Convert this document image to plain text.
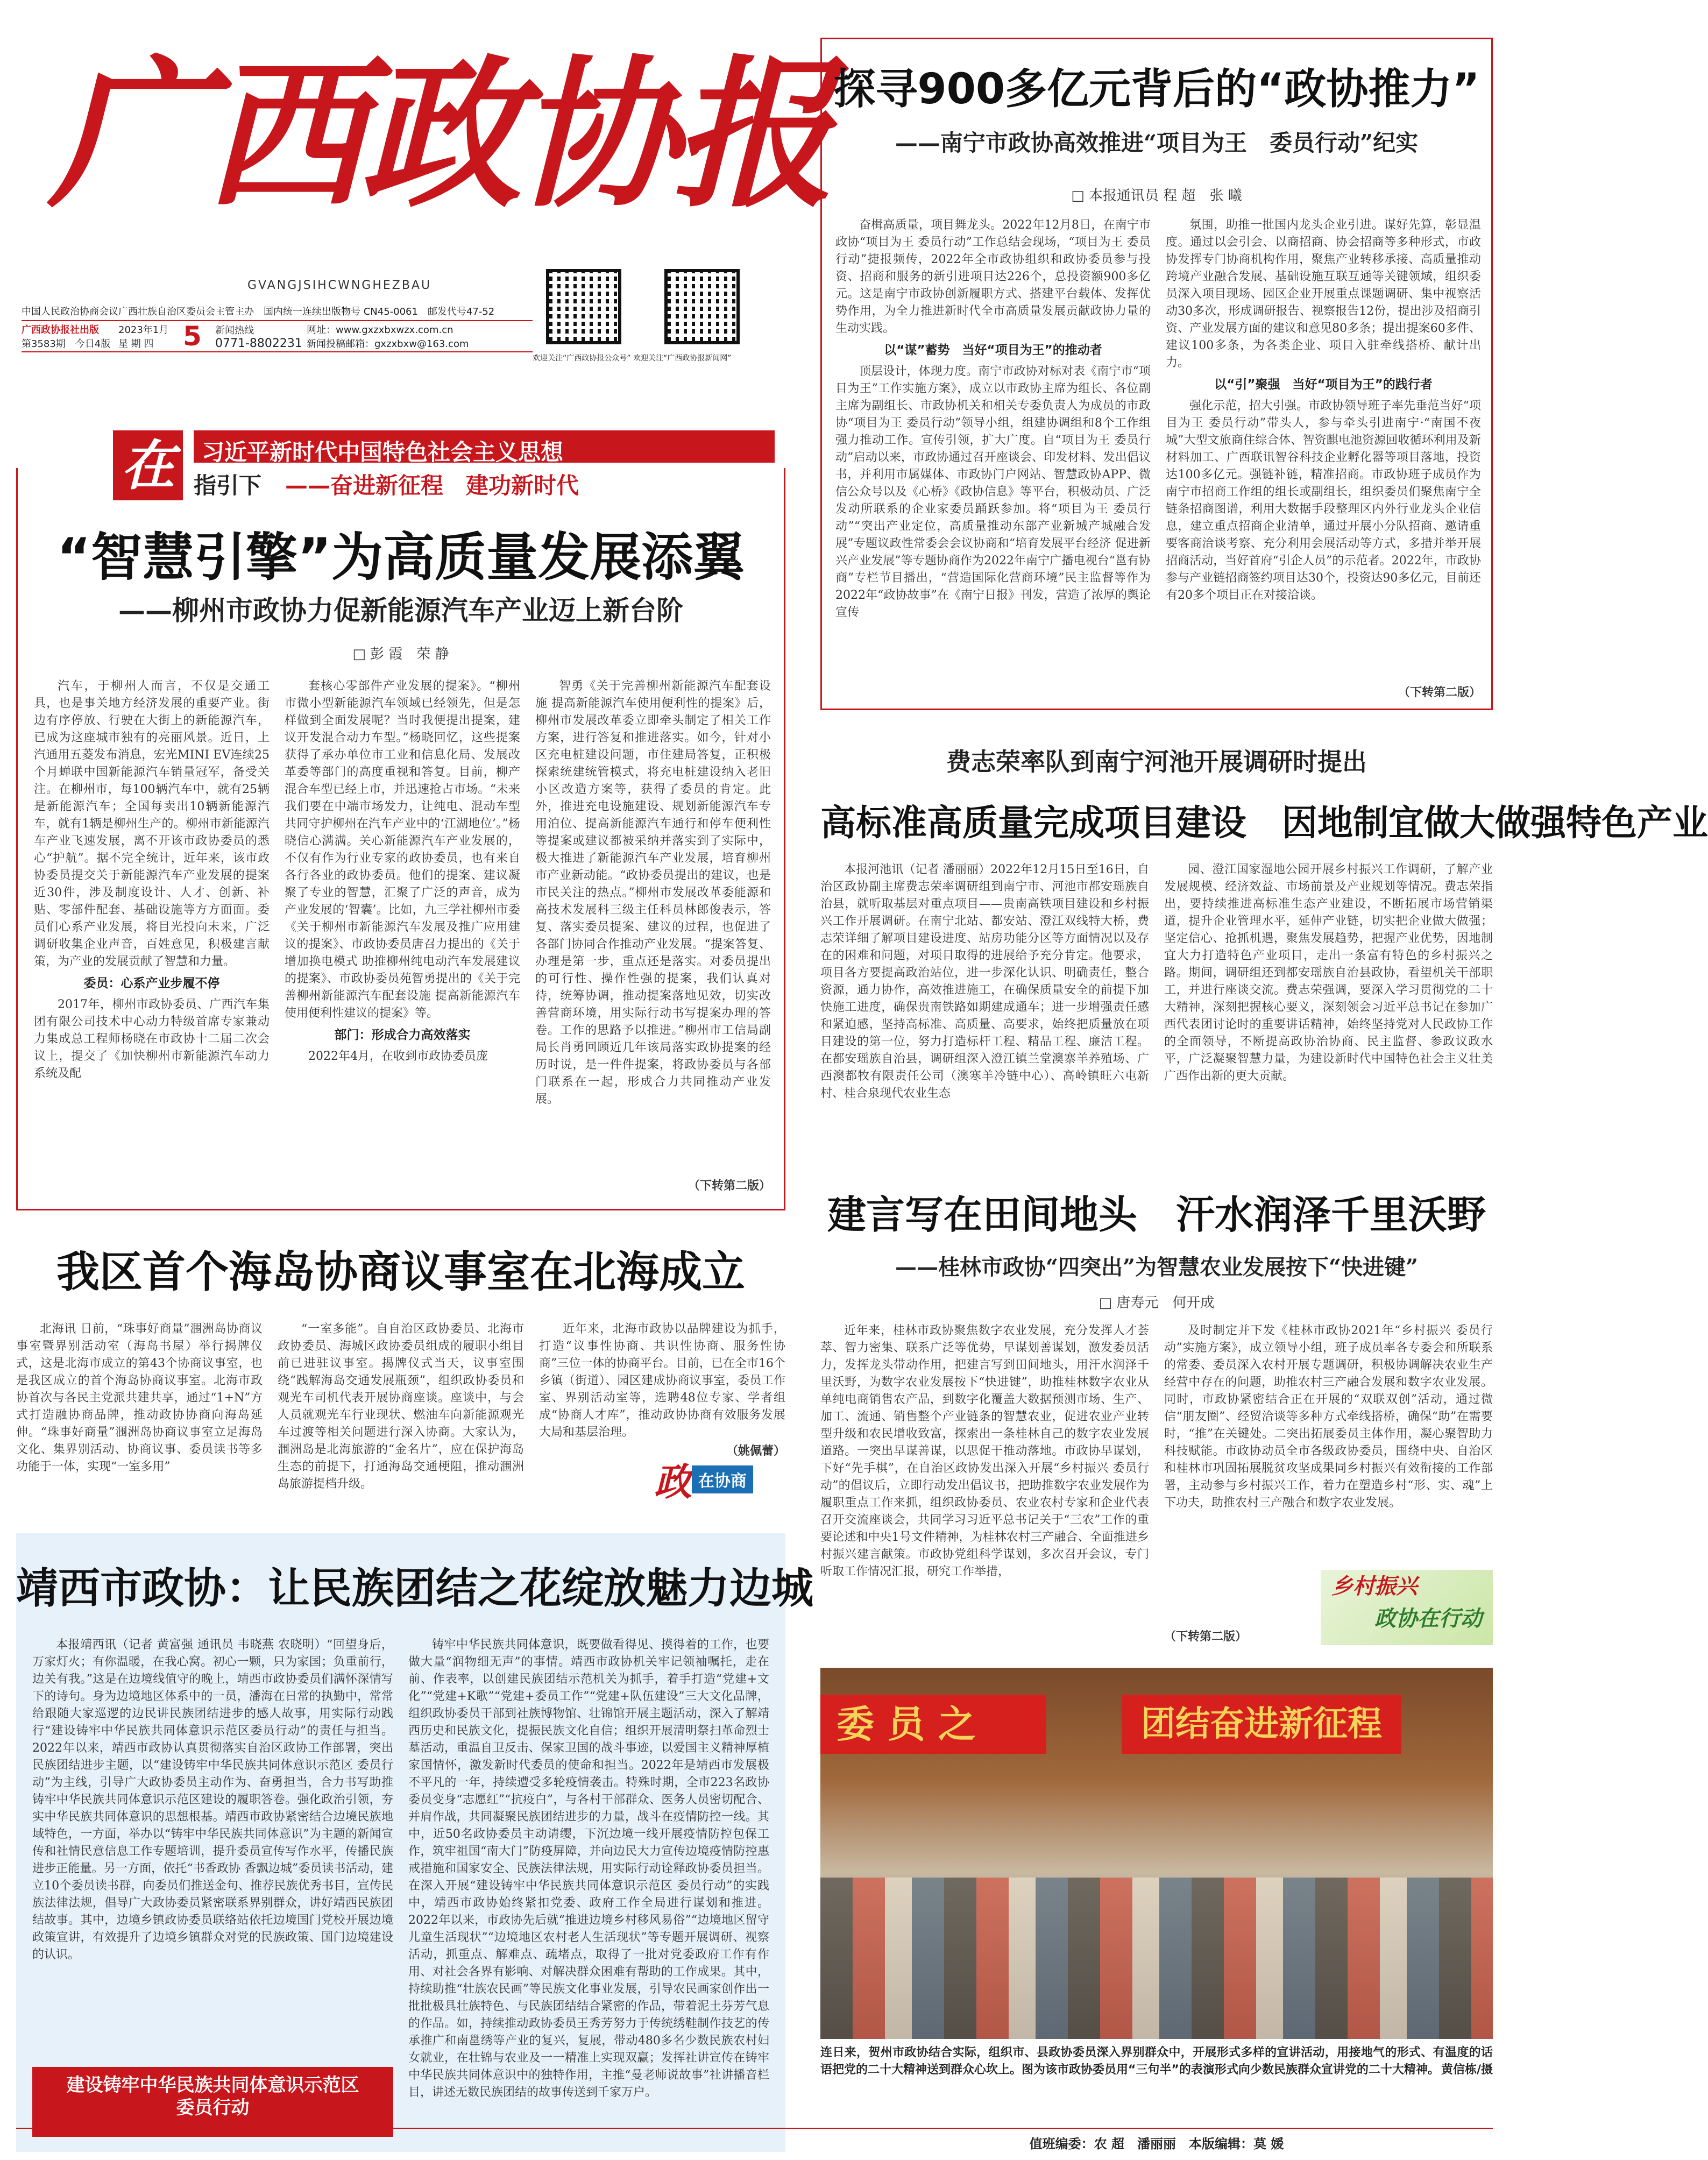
广西政协报
GVANGJSIHCWNGHEZBAU
中国人民政治协商会议广西壮族自治区委员会主管主办　国内统一连续出版物号 CN45-0061　邮发代号47-52
广西政协报社出版
第3583期　今日4版
2023年1月
星 期 四	5	新闻热线
0771-8802231
网址：www.gxzxbxwzx.com.cn
新闻投稿邮箱：gxzxbxw@163.com
欢迎关注“广西政协报公众号” 欢迎关注“广西政协报新闻网”
在	习近平新时代中国特色社会主义思想
指引下 ——奋进新征程　建功新时代
“智慧引擎”为高质量发展添翼
——柳州市政协力促新能源汽车产业迈上新台阶
□ 彭 霞　荣 静

汽车，于柳州人而言，不仅是交通工具，也是事关地方经济发展的重要产业。街边有序停放、行驶在大街上的新能源汽车，已成为这座城市独有的亮丽风景。近日，上汽通用五菱发布消息，宏光MINI EV连续25个月蝉联中国新能源汽车销量冠军，备受关注。在柳州市，每100辆汽车中，就有25辆是新能源汽车；全国每卖出10辆新能源汽车，就有1辆是柳州生产的。柳州市新能源汽车产业飞速发展，离不开该市政协委员的悉心“护航”。据不完全统计，近年来，该市政协委员提交关于新能源汽车产业发展的提案近30件，涉及制度设计、人才、创新、补贴、零部件配套、基础设施等方方面面。委员们心系产业发展，将目光投向未来，广泛调研收集企业声音，百姓意见，积极建言献策，为产业的发展贡献了智慧和力量。

委员：心系产业步履不停

2017年，柳州市政协委员、广西汽车集团有限公司技术中心动力特级首席专家兼动力集成总工程师杨晓在市政协十二届二次会议上，提交了《加快柳州市新能源汽车动力系统及配

套核心零部件产业发展的提案》。“柳州市微小型新能源汽车领域已经领先，但是怎样做到全面发展呢？当时我便提出提案，建议开发混合动力车型。”杨晓回忆，这些提案获得了承办单位市工业和信息化局、发展改革委等部门的高度重视和答复。目前，柳产混合车型已经上市，并迅速抢占市场。“未来我们要在中端市场发力，让纯电、混动车型共同守护柳州在汽车产业中的‘江湖地位’。”杨晓信心满满。关心新能源汽车产业发展的，不仅有作为行业专家的政协委员，也有来自各行各业的政协委员。他们的提案、建议凝聚了专业的智慧，汇聚了广泛的声音，成为产业发展的‘智囊’。比如，九三学社柳州市委《关于柳州市新能源汽车发展及推广应用建议的提案》、市政协委员唐召力提出的《关于增加换电模式 助推柳州纯电动汽车发展建议的提案》、市政协委员苑智勇提出的《关于完善柳州新能源汽车配套设施 提高新能源汽车使用便利性建议的提案》等。

部门：形成合力高效落实

2022年4月，在收到市政协委员庞

智勇《关于完善柳州新能源汽车配套设施 提高新能源汽车使用便利性的提案》后，柳州市发展改革委立即牵头制定了相关工作方案，进行答复和推进落实。如今，针对小区充电桩建设问题，市住建局答复，正积极探索统建统管模式，将充电桩建设纳入老旧小区改造方案等，获得了委员的肯定。此外，推进充电设施建设、规划新能源汽车专用泊位、提高新能源汽车通行和停车便利性等提案或建议都被采纳并落实到了实际中，极大推进了新能源汽车产业发展，培育柳州市产业新动能。“政协委员提出的建议，也是市民关注的热点。”柳州市发展改革委能源和高技术发展科三级主任科员林郎俊表示，答复、落实委员提案、建议的过程，也促进了各部门协同合作推动产业发展。“提案答复、办理是第一步，重点还是落实。对委员提出的可行性、操作性强的提案，我们认真对待，统筹协调，推动提案落地见效，切实改善营商环境，用实际行动书写提案办理的答卷。工作的思路予以推进。”柳州市工信局副局长肖勇回顾近几年该局落实政协提案的经历时说，是一件件提案，将政协委员与各部门联系在一起，形成合力共同推动产业发展。

（下转第二版）
探寻900多亿元背后的“政协推力”
——南宁市政协高效推进“项目为王　委员行动”纪实
□ 本报通讯员 程 超　张 曦

奋楫高质量，项目舞龙头。2022年12月8日，在南宁市政协“项目为王 委员行动”工作总结会现场，“项目为王 委员行动”捷报频传，2022年全市政协组织和政协委员参与投资、招商和服务的新引进项目达226个，总投资额900多亿元。这是南宁市政协创新履职方式、搭建平台载体、发挥优势作用，为全力推进新时代全市高质量发展贡献政协力量的生动实践。

以“谋”蓄势　当好“项目为王”的推动者

顶层设计，体现力度。南宁市政协对标对表《南宁市“项目为王”工作实施方案》，成立以市政协主席为组长、各位副主席为副组长、市政协机关和相关专委负责人为成员的市政协“项目为王 委员行动”领导小组，组建协调组和8个工作组强力推动工作。宣传引领，扩大广度。自“项目为王 委员行动”启动以来，市政协通过召开座谈会、印发材料、发出倡议书，并利用市属媒体、市政协门户网站、智慧政协APP、微信公众号以及《心桥》《政协信息》等平台，积极动员、广泛发动所联系的企业家委员踊跃参加。将“项目为王 委员行动”“突出产业定位，高质量推动东部产业新城产城融合发展”专题议政性常委会会议协商和“培育发展平台经济 促进新兴产业发展”等专题协商作为2022年南宁广播电视台“邕有协商”专栏节目播出，“营造国际化营商环境”民主监督等作为2022年“政协故事”在《南宁日报》刊发，营造了浓厚的舆论宣传

氛围，助推一批国内龙头企业引进。谋好先算，彰显温度。通过以会引会、以商招商、协会招商等多种形式，市政协发挥专门协商机构作用，聚焦产业转移承接、高质量推动跨境产业融合发展、基础设施互联互通等关键领域，组织委员深入项目现场、园区企业开展重点课题调研、集中视察活动30多次，形成调研报告、视察报告12份，提出涉及招商引资、产业发展方面的建议和意见80多条；提出提案60多件、建议100多条，为各类企业、项目入驻牵线搭桥、献计出力。

以“引”聚强　当好“项目为王”的践行者

强化示范，招大引强。市政协领导班子率先垂范当好“项目为王 委员行动”带头人，参与牵头引进南宁·“南国不夜城”大型文旅商住综合体、智资麒电池资源回收循环利用及新材料加工、广西联讯智谷科技企业孵化器等项目落地，投资达100多亿元。强链补链，精准招商。市政协班子成员作为南宁市招商工作组的组长或副组长，组织委员们聚焦南宁全链条招商图谱，利用大数据手段整理区内外行业龙头企业信息，建立重点招商企业清单，通过开展小分队招商、邀请重要客商洽谈考察、充分利用会展活动等方式，多措并举开展招商活动，当好首府“引企人员”的示范者。2022年，市政协参与产业链招商签约项目达30个，投资达90多亿元，目前还有20多个项目正在对接洽谈。

（下转第二版）
费志荣率队到南宁河池开展调研时提出
高标准高质量完成项目建设　因地制宜做大做强特色产业

本报河池讯（记者 潘丽丽）2022年12月15日至16日，自治区政协副主席费志荣率调研组到南宁市、河池市都安瑶族自治县，就听取基层对重点项目——贵南高铁项目建设和乡村振兴工作开展调研。在南宁北站、都安站、澄江双线特大桥，费志荣详细了解项目建设进度、站房功能分区等方面情况以及存在的困难和问题，对项目取得的进展给予充分肯定。他要求，项目各方要提高政治站位，进一步深化认识、明确责任，整合资源，通力协作，高效推进施工，在确保质量安全的前提下加快施工进度，确保贵南铁路如期建成通车；进一步增强责任感和紧迫感，坚持高标准、高质量、高要求，始终把质量放在项目建设的第一位，努力打造标杆工程、精品工程、廉洁工程。在都安瑶族自治县，调研组深入澄江镇兰堂澳寨羊养殖场、广西澳都牧有限责任公司（澳寒羊冷链中心）、高岭镇旺六屯新村、桂合泉现代农业生态

园、澄江国家湿地公园开展乡村振兴工作调研，了解产业发展规模、经济效益、市场前景及产业规划等情况。费志荣指出，要持续推进高标准生态产业建设，不断拓展市场营销渠道，提升企业管理水平，延伸产业链，切实把企业做大做强；坚定信心、抢抓机遇，聚焦发展趋势，把握产业优势，因地制宜大力打造特色产业项目，走出一条富有特色的乡村振兴之路。期间，调研组还到都安瑶族自治县政协，看望机关干部职工，并进行座谈交流。费志荣强调，要深入学习贯彻党的二十大精神，深刻把握核心要义，深刻领会习近平总书记在参加广西代表团讨论时的重要讲话精神，始终坚持党对人民政协工作的全面领导，不断提高政协治协商、民主监督、参政议政水平，广泛凝聚智慧力量，为建设新时代中国特色社会主义壮美广西作出新的更大贡献。

我区首个海岛协商议事室在北海成立

北海讯 日前，“珠事好商量”涠洲岛协商议事室暨界别活动室（海岛书屋）举行揭牌仪式，这是北海市成立的第43个协商议事室，也是我区成立的首个海岛协商议事室。北海市政协首次与各民主党派共建共享，通过“1+N”方式打造融协商品牌，推动政协协商向海岛延伸。“珠事好商量”涠洲岛协商议事室立足海岛文化、集界别活动、协商议事、委员读书等多功能于一体，实现“一室多用”

“一室多能”。自自治区政协委员、北海市政协委员、海城区政协委员组成的履职小组目前已进驻议事室。揭牌仪式当天，议事室围绕“践解海岛交通发展瓶颈”，组织政协委员和观光车司机代表开展协商座谈。座谈中，与会人员就观光车行业现状、燃油车向新能源观光车过渡等相关问题进行深入协商。大家认为，涠洲岛是北海旅游的“金名片”，应在保护海岛生态的前提下，打通海岛交通梗阻，推动涠洲岛旅游提档升级。

近年来，北海市政协以品牌建设为抓手，打造“议事性协商、共识性协商、服务性协商”三位一体的协商平台。目前，已在全市16个乡镇（街道）、园区建成协商议事室，委员工作室、界别活动室等，选聘48位专家、学者组成“协商人才库”，推动政协协商有效服务发展大局和基层治理。

（姚佩蕾）
政 在协商
建言写在田间地头　汗水润泽千里沃野
——桂林市政协“四突出”为智慧农业发展按下“快进键”
□ 唐寿元　何开成

近年来，桂林市政协聚焦数字农业发展，充分发挥人才荟萃、智力密集、联系广泛等优势，早谋划善谋划，激发委员活力，发挥龙头带动作用，把建言写到田间地头，用汗水润泽千里沃野，为数字农业发展按下“快进键”，助推桂林数字农业从单纯电商销售农产品，到数字化覆盖大数据预测市场、生产、加工、流通、销售整个产业链条的智慧农业，促进农业产业转型升级和农民增收致富，探索出一条桂林自己的数字农业发展道路。一突出早谋善谋，以思促干推动落地。市政协早谋划，下好“先手棋”，在自治区政协发出深入开展“乡村振兴 委员行动”的倡议后，立即行动发出倡议书，把助推数字农业发展作为履职重点工作来抓，组织政协委员、农业农村专家和企业代表召开交流座谈会，共同学习习近平总书记关于“三农”工作的重要论述和中央1号文件精神，为桂林农村三产融合、全面推进乡村振兴建言献策。市政协党组科学谋划，多次召开会议，专门听取工作情况汇报，研究工作举措，

及时制定并下发《桂林市政协2021年“乡村振兴 委员行动”实施方案》，成立领导小组，班子成员率各专委会和所联系的常委、委员深入农村开展专题调研，积极协调解决农业生产经营中存在的问题，助推农村三产融合发展和数字农业发展。同时，市政协紧密结合正在开展的“双联双创”活动，通过微信“朋友圈”、经贸洽谈等多种方式牵线搭桥，确保“助”在需要时，“推”在关键处。二突出拓展委员主体作用，凝心聚智助力科技赋能。市政协动员全市各级政协委员，围绕中央、自治区和桂林市巩固拓展脱贫攻坚成果同乡村振兴有效衔接的工作部署，主动参与乡村振兴工作，着力在塑造乡村“形、实、魂”上下功夫，助推农村三产融合和数字农业发展。

（下转第二版）
乡村振兴
政协在行动
靖西市政协：让民族团结之花绽放魅力边城

本报靖西讯（记者 黄富强 通讯员 韦晓燕 农晓明）“回望身后，万家灯火；有你温暖，在我心窝。初心一颗，只为家国；负重前行，边关有我。”这是在边境线值守的晚上，靖西市政协委员们满怀深情写下的诗句。身为边境地区体系中的一员，潘海在日常的执勤中，常常给跟随大家巡逻的边民讲民族团结进步的感人故事，用实际行动践行“建设铸牢中华民族共同体意识示范区委员行动”的责任与担当。2022年以来，靖西市政协认真贯彻落实自治区政协工作部署，突出民族团结进步主题，以“建设铸牢中华民族共同体意识示范区 委员行动”为主线，引导广大政协委员主动作为、奋勇担当，合力书写助推铸牢中华民族共同体意识示范区建设的履职答卷。强化政治引领，夯实中华民族共同体意识的思想根基。靖西市政协紧密结合边境民族地域特色，一方面，举办以“铸牢中华民族共同体意识”为主题的新闻宣传和社情民意信息工作专题培训，提升委员宣传写作水平，传播民族进步正能量。另一方面，依托“书香政协 香飘边城”委员读书活动，建立10个委员读书群，向委员们推送金句、推荐民族优秀书目，宣传民族法律法规，倡导广大政协委员紧密联系界别群众，讲好靖西民族团结故事。其中，边境乡镇政协委员联络站依托边境国门党校开展边境政策宣讲，有效提升了边境乡镇群众对党的民族政策、国门边境建设的认识。

建设铸牢中华民族共同体意识示范区
委员行动

铸牢中华民族共同体意识，既要做看得见、摸得着的工作，也要做大量“润物细无声”的事情。靖西市政协机关牢记领袖嘱托，走在前、作表率，以创建民族团结示范机关为抓手，着手打造“党建+文化”“党建+K歌”“党建+委员工作”“党建+队伍建设”三大文化品牌，组织政协委员干部到社族博物馆、壮锦馆开展主题活动，深入了解靖西历史和民族文化，提振民族文化自信；组织开展清明祭扫革命烈士墓活动，重温自卫反击、保家卫国的战斗事迹，以爱国主义精神厚植家国情怀，激发新时代委员的使命和担当。2022年是靖西市发展极不平凡的一年，持续遭受多轮疫情袭击。特殊时期，全市223名政协委员变身“志愿红”“抗疫白”，与各村干部群众、医务人员密切配合、并肩作战，共同凝聚民族团结进步的力量，战斗在疫情防控一线。其中，近50名政协委员主动请缨，下沉边境一线开展疫情防控包保工作，筑牢祖国“南大门”防疫屏障，并向边民大力宣传边境疫情防控惠戒措施和国家安全、民族法律法规，用实际行动诠释政协委员担当。在深入开展“建设铸牢中华民族共同体意识示范区 委员行动”的实践中，靖西市政协始终紧扣党委、政府工作全局进行谋划和推进。2022年以来，市政协先后就“推进边境乡村移风易俗”“边境地区留守儿童生活现状”“边境地区农村老人生活现状”等专题开展调研、视察活动，抓重点、解难点、疏堵点，取得了一批对党委政府工作有作用、对社会各界有影响、对解决群众困难有帮助的工作成果。其中，持续助推“壮族农民画”等民族文化事业发展，引导农民画家创作出一批批极具壮族特色、与民族团结结合紧密的作品，带着泥土芬芳气息的作品。如，持续推动政协委员王秀芳努力于传统绣鞋制作技艺的传承推广和南邕绣等产业的复兴，复展，带动480多名少数民族农村妇女就业，在壮锦与农业及一一精准上实现双赢；发挥社讲宣传在铸牢中华民族共同体意识中的独特作用，主推“曼老师说故事”社讲播音栏目，讲述无数民族团结的故事传送到千家万户。

委 员 之	团结奋进新征程
连日来，贺州市政协结合实际，组织市、县政协委员深入界别群众中，开展形式多样的宣讲活动，用接地气的形式、有温度的话语把党的二十大精神送到群众心坎上。图为该市政协委员用“三句半”的表演形式向少数民族群众宣讲党的二十大精神。 黄信栋/摄
值班编委：农 超　潘丽丽　本版编辑：莫 媛
